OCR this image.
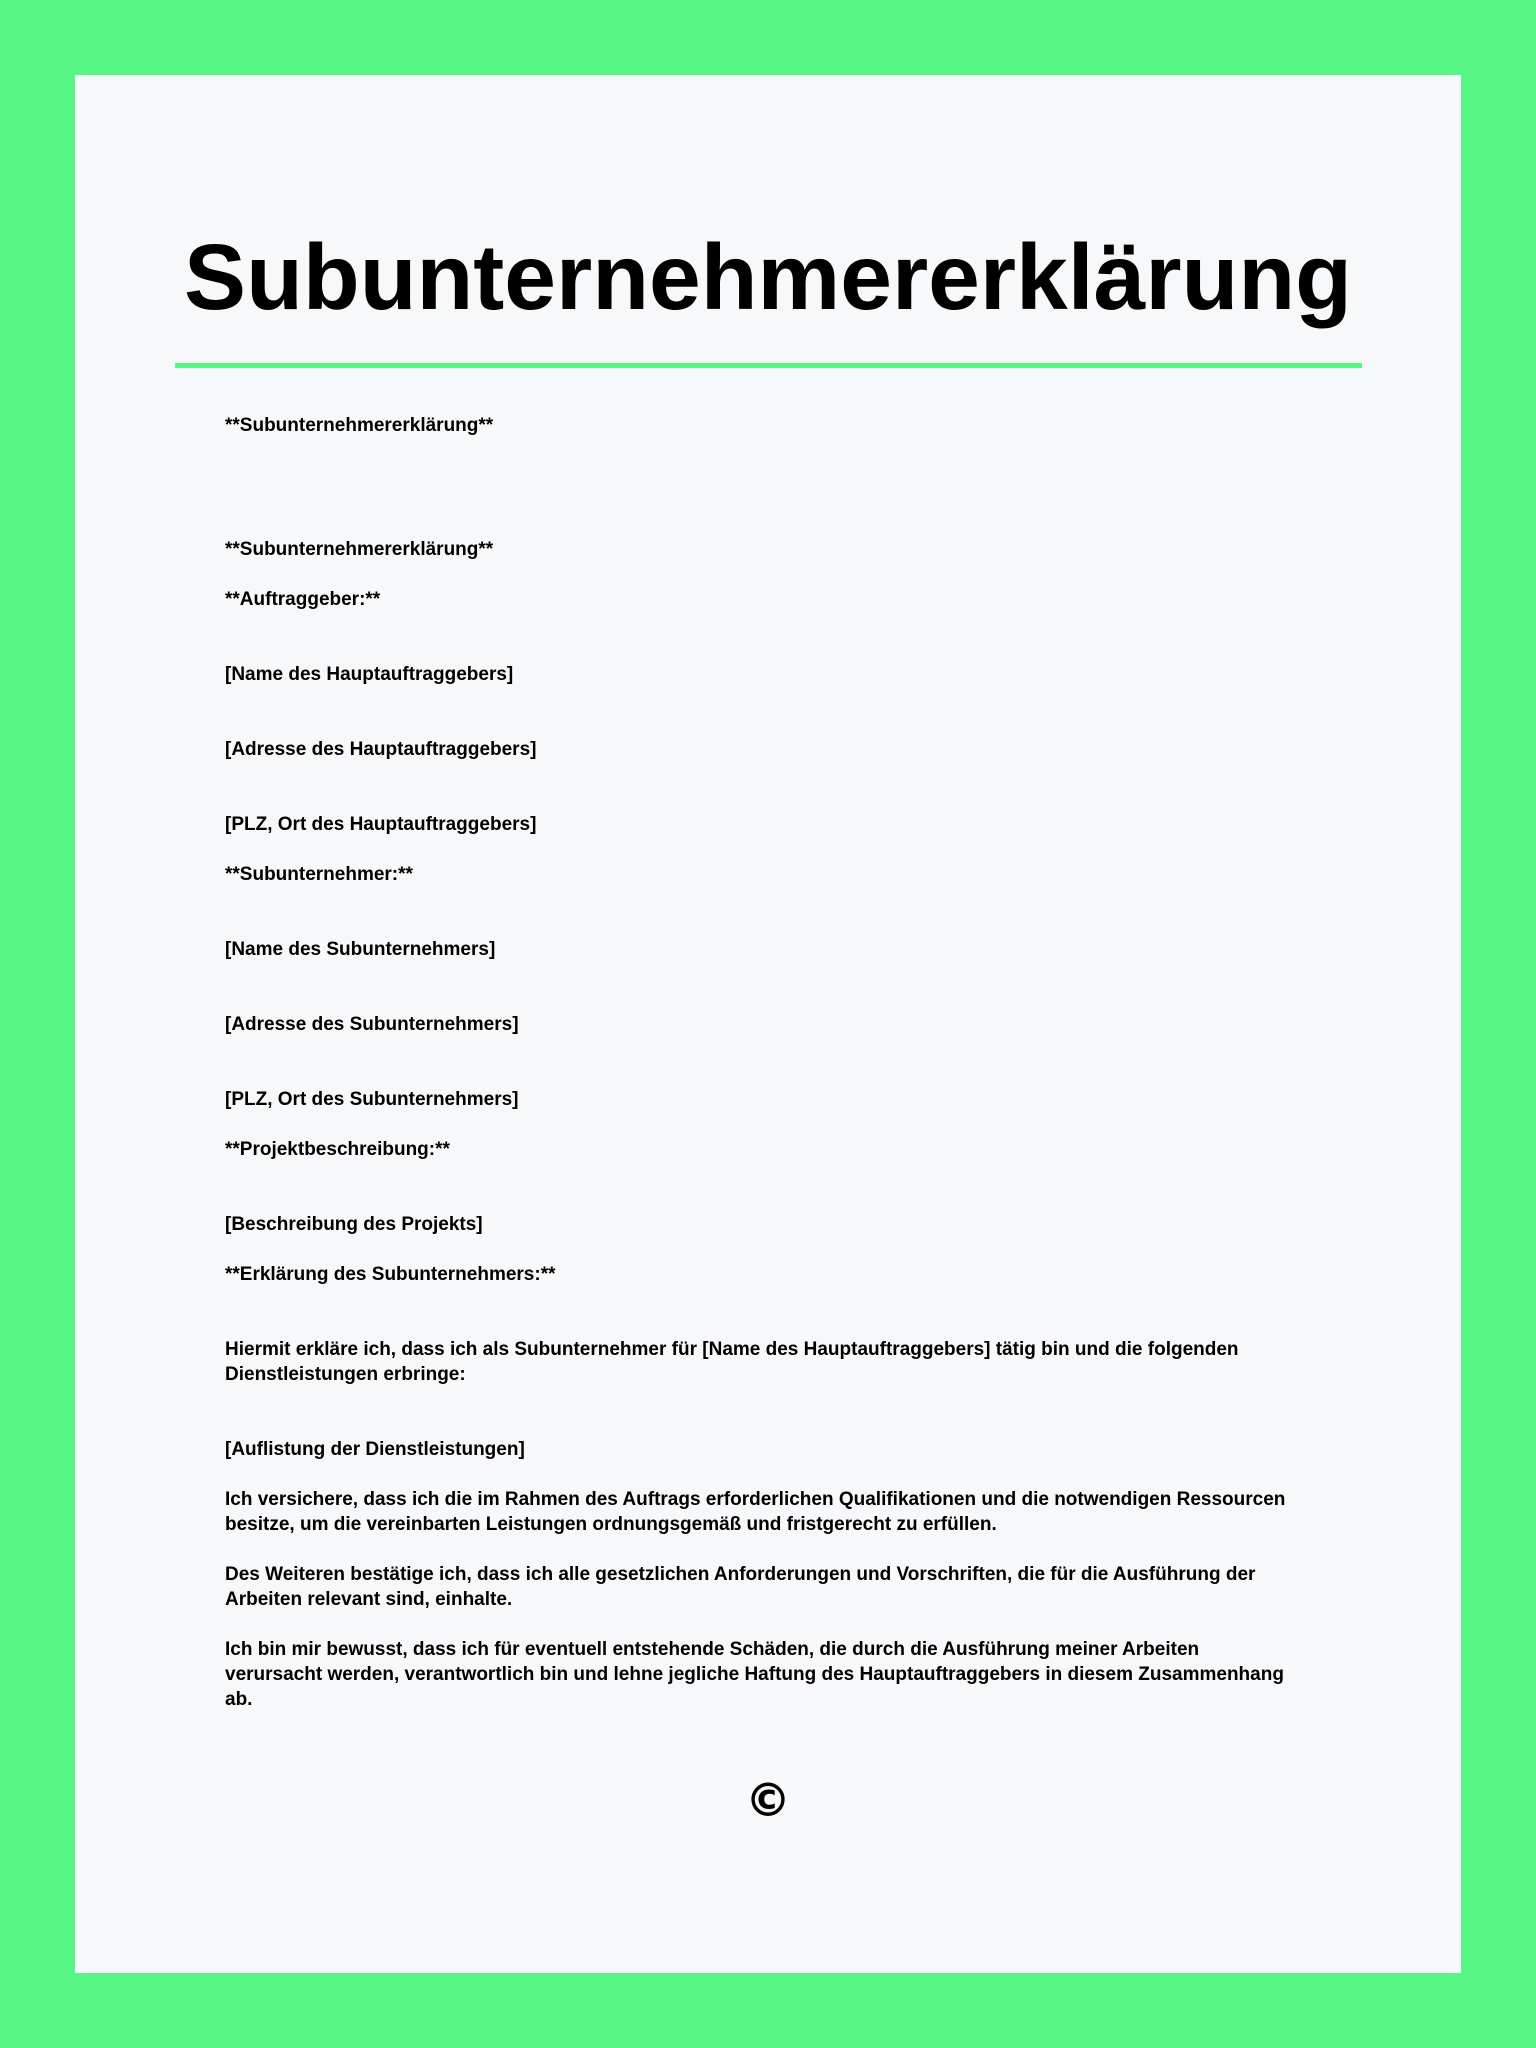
Subunternehmererklärung
**Subunternehmererklärung**
**Subunternehmererklärung**
**Auftraggeber:**
[Name des Hauptauftraggebers]
[Adresse des Hauptauftraggebers]
[PLZ, Ort des Hauptauftraggebers]
**Subunternehmer:**
[Name des Subunternehmers]
[Adresse des Subunternehmers]
[PLZ, Ort des Subunternehmers]
**Projektbeschreibung:**
[Beschreibung des Projekts]
**Erklärung des Subunternehmers:**
Hiermit erkläre ich, dass ich als Subunternehmer für [Name des Hauptauftraggebers] tätig bin und die folgenden
Dienstleistungen erbringe:
[Auflistung der Dienstleistungen]
Ich versichere, dass ich die im Rahmen des Auftrags erforderlichen Qualifikationen und die notwendigen Ressourcen
besitze, um die vereinbarten Leistungen ordnungsgemäß und fristgerecht zu erfüllen.
Des Weiteren bestätige ich, dass ich alle gesetzlichen Anforderungen und Vorschriften, die für die Ausführung der
Arbeiten relevant sind, einhalte.
Ich bin mir bewusst, dass ich für eventuell entstehende Schäden, die durch die Ausführung meiner Arbeiten
verursacht werden, verantwortlich bin und lehne jegliche Haftung des Hauptauftraggebers in diesem Zusammenhang
ab.
©
